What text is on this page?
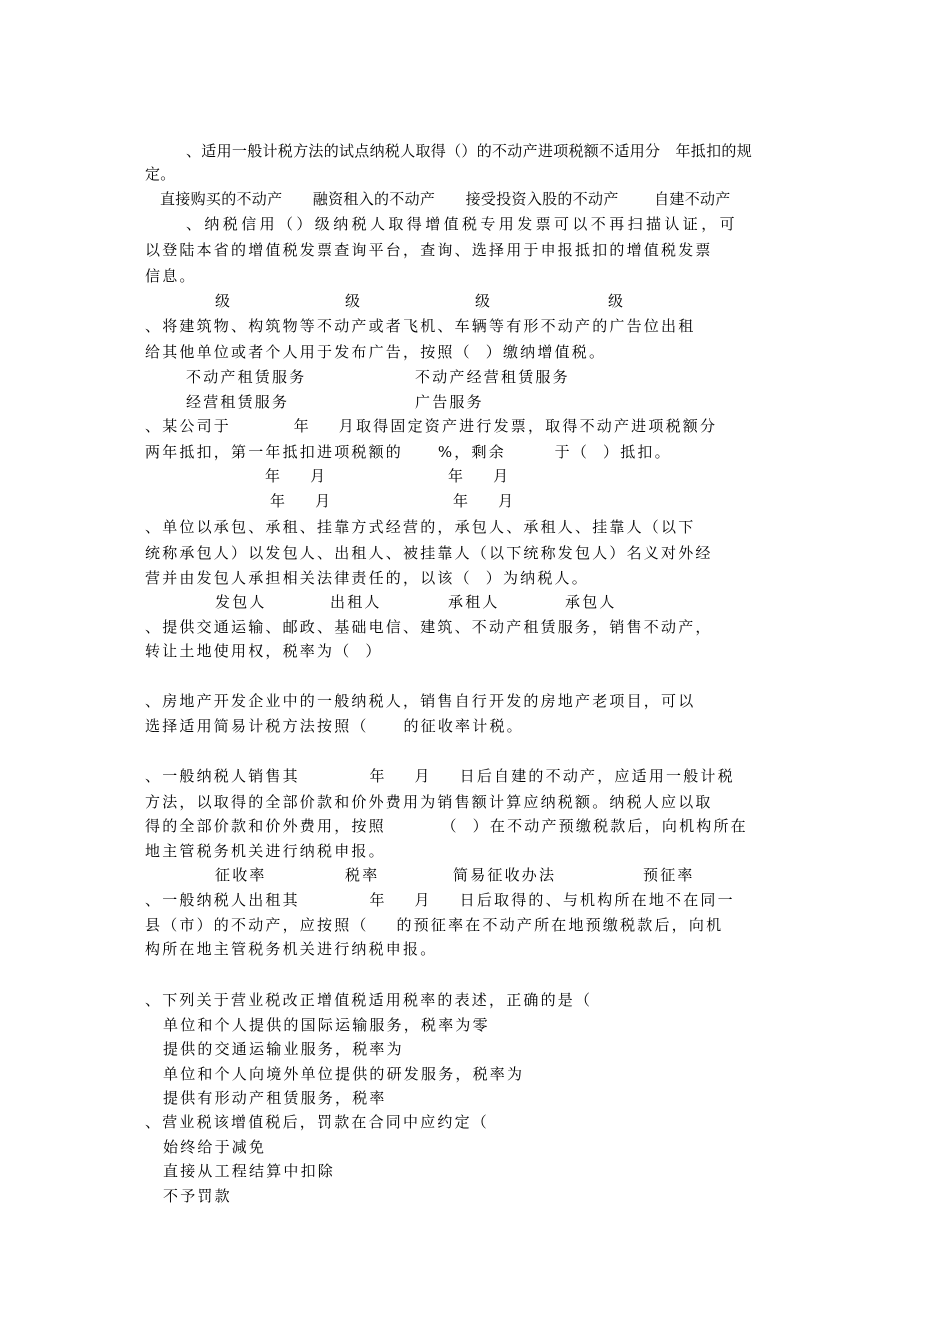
、适用一般计税方法的试点纳税人取得（）的不动产进项税额不适用分   年抵扣的规
定。
直接购买的不动产      融资租入的不动产      接受投资入股的不动产       自建不动产
、纳税信用（）级纳税人取得增值税专用发票可以不再扫描认证，可
以登陆本省的增值税发票查询平台，查询、选择用于申报抵扣的增值税发票
信息。
级	级	级	级
、将建筑物、构筑物等不动产或者飞机、车辆等有形不动产的广告位出租
给其他单位或者个人用于发布广告，按照（  ）缴纳增值税。
不动产租赁服务	不动产经营租赁服务
经营租赁服务	广告服务
、某公司于         年    月取得固定资产进行发票，取得不动产进项税额分
两年抵扣，第一年抵扣进项税额的     %，剩余       于（  ）抵扣。
年    月	年    月
年    月	年    月
、单位以承包、承租、挂靠方式经营的，承包人、承租人、挂靠人（以下
统称承包人）以发包人、出租人、被挂靠人（以下统称发包人）名义对外经
营并由发包人承担相关法律责任的，以该（  ）为纳税人。
发包人	出租人	承租人	承包人
、提供交通运输、邮政、基础电信、建筑、不动产租赁服务，销售不动产，
转让土地使用权，税率为（  ）
、房地产开发企业中的一般纳税人，销售自行开发的房地产老项目，可以
选择适用简易计税方法按照（     的征收率计税。
、一般纳税人销售其          年    月    日后自建的不动产，应适用一般计税
方法，以取得的全部价款和价外费用为销售额计算应纳税额。纳税人应以取
得的全部价款和价外费用，按照        （  ）在不动产预缴税款后，向机构所在
地主管税务机关进行纳税申报。
征收率	税率	简易征收办法	预征率
、一般纳税人出租其          年    月    日后取得的、与机构所在地不在同一
县（市）的不动产，应按照（    的预征率在不动产所在地预缴税款后，向机
构所在地主管税务机关进行纳税申报。
、下列关于营业税改正增值税适用税率的表述，正确的是（
单位和个人提供的国际运输服务，税率为零
提供的交通运输业服务，税率为
单位和个人向境外单位提供的研发服务，税率为
提供有形动产租赁服务，税率
、营业税该增值税后，罚款在合同中应约定（
始终给于减免
直接从工程结算中扣除
不予罚款
